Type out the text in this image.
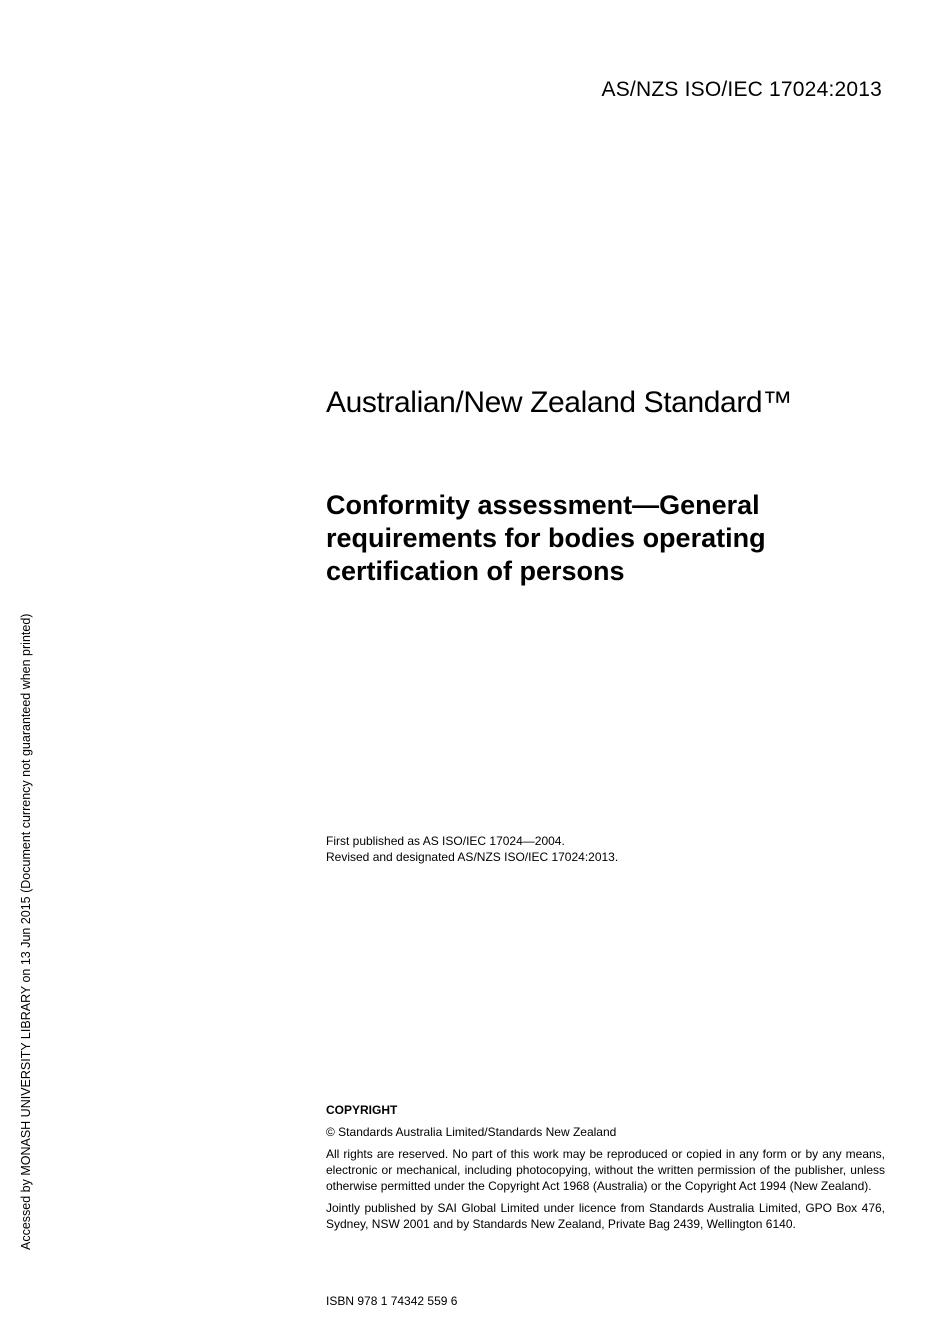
AS/NZS ISO/IEC 17024:2013
Accessed by MONASH UNIVERSITY LIBRARY on 13 Jun 2015 (Document currency not guaranteed when printed)
Australian/New Zealand Standard™
Conformity assessment—General
requirements for bodies operating
certification of persons
First published as AS ISO/IEC 17024—2004.
Revised and designated AS/NZS ISO/IEC 17024:2013.
COPYRIGHT
© Standards Australia Limited/Standards New Zealand
All rights are reserved. No part of this work may be reproduced or copied in any form or by any means, electronic or mechanical, including photocopying, without the written permission of the publisher, unless otherwise permitted under the Copyright Act 1968 (Australia) or the Copyright Act 1994 (New Zealand).
Jointly published by SAI Global Limited under licence from Standards Australia Limited, GPO Box 476, Sydney, NSW 2001 and by Standards New Zealand, Private Bag 2439, Wellington 6140.
ISBN 978 1 74342 559 6
